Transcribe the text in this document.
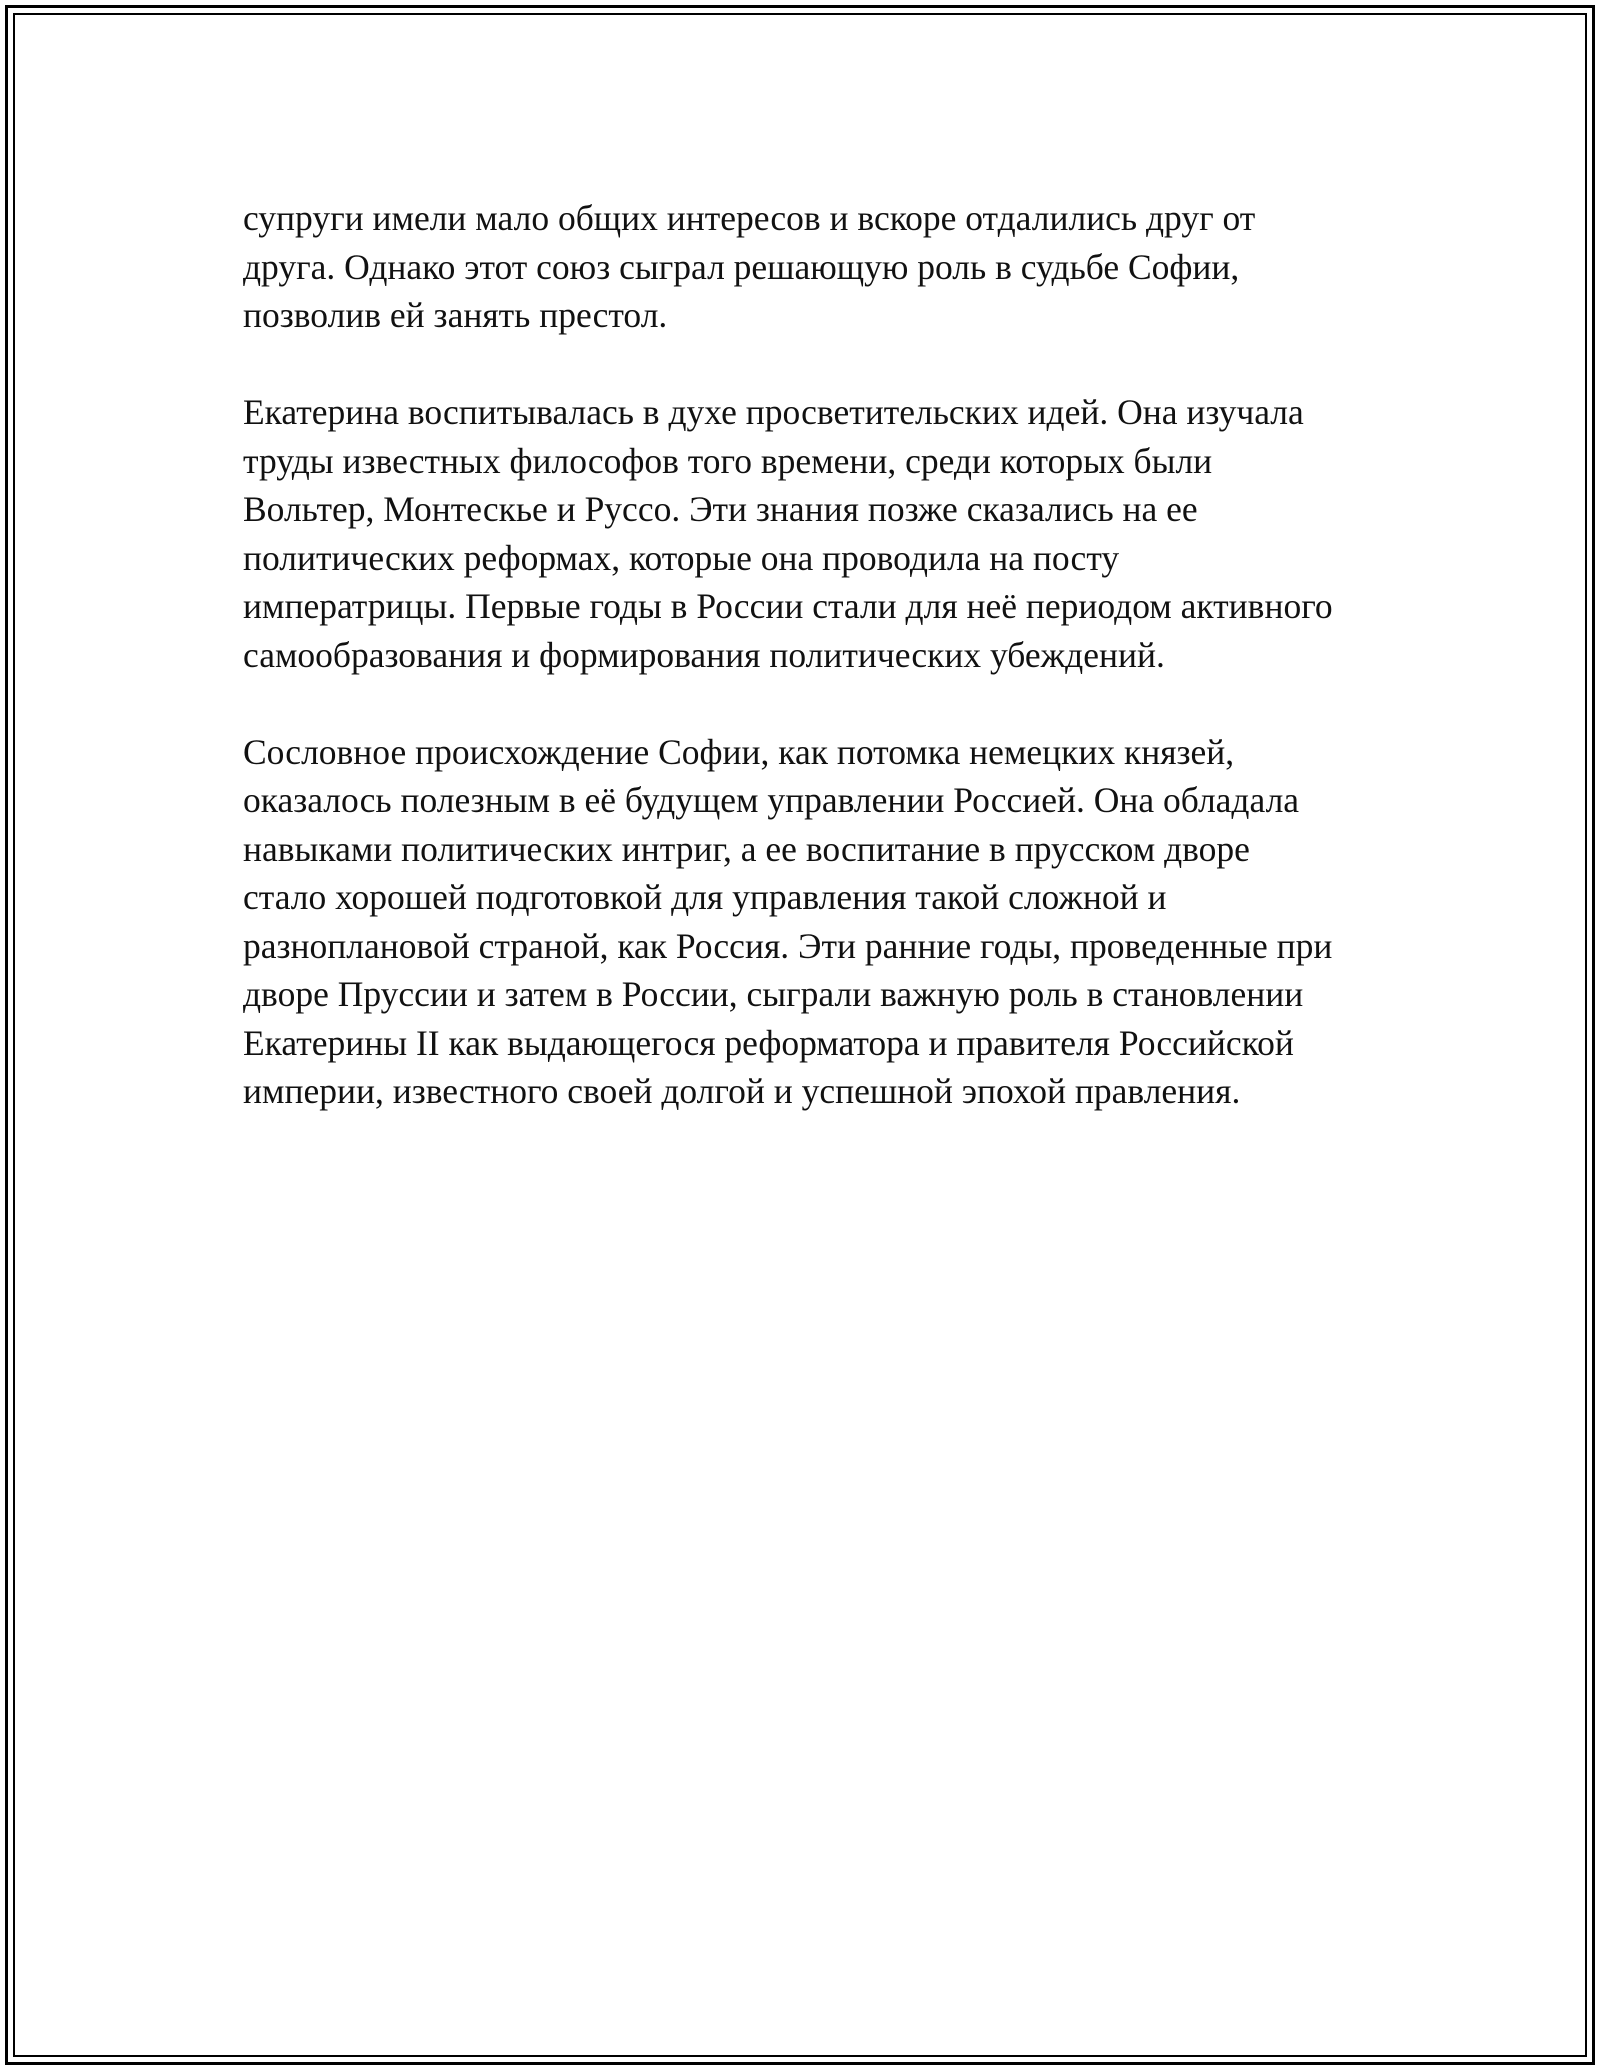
супруги имели мало общих интересов и вскоре отдалились друг от
друга. Однако этот союз сыграл решающую роль в судьбе Софии,
позволив ей занять престол.

Екатерина воспитывалась в духе просветительских идей. Она изучала
труды известных философов того времени, среди которых были
Вольтер, Монтескье и Руссо. Эти знания позже сказались на ее
политических реформах, которые она проводила на посту
императрицы. Первые годы в России стали для неё периодом активного
самообразования и формирования политических убеждений.

Сословное происхождение Софии, как потомка немецких князей,
оказалось полезным в её будущем управлении Россией. Она обладала
навыками политических интриг, а ее воспитание в прусском дворе
стало хорошей подготовкой для управления такой сложной и
разноплановой страной, как Россия. Эти ранние годы, проведенные при
дворе Пруссии и затем в России, сыграли важную роль в становлении
Екатерины II как выдающегося реформатора и правителя Российской
империи, известного своей долгой и успешной эпохой правления.
